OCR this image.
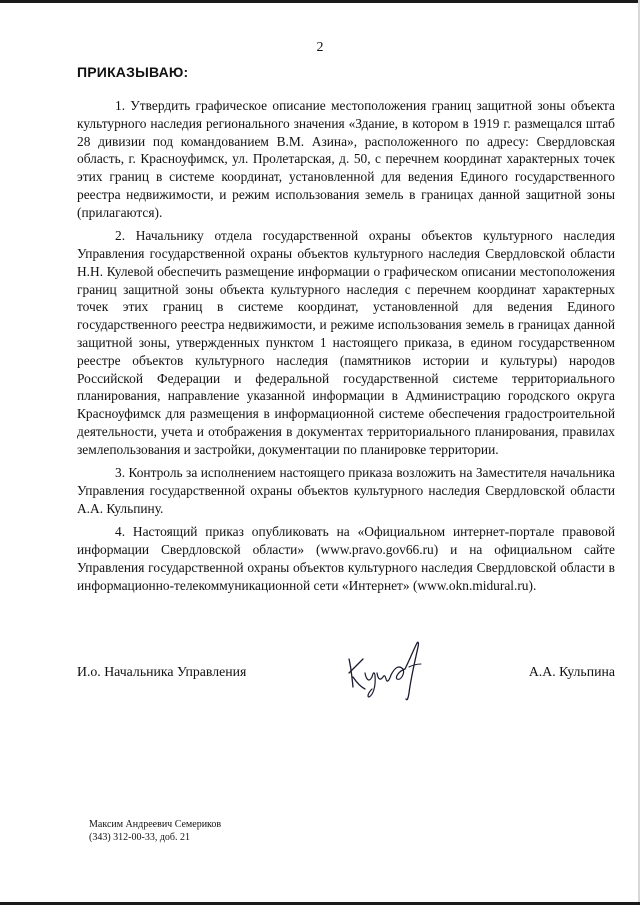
2
ПРИКАЗЫВАЮ:

1. Утвердить графическое описание местоположения границ защитной зоны объекта культурного наследия регионального значения «Здание, в котором в 1919 г. размещался штаб 28 дивизии под командованием В.М. Азина», расположенного по адресу: Свердловская область, г. Красноуфимск, ул. Пролетарская, д. 50, с перечнем координат характерных точек этих границ в системе координат, установленной для ведения Единого государственного реестра недвижимости, и режим использования земель в границах данной защитной зоны (прилагаются).

2. Начальнику отдела государственной охраны объектов культурного наследия Управления государственной охраны объектов культурного наследия Свердловской области Н.Н. Кулевой обеспечить размещение информации о графическом описании местоположения границ защитной зоны объекта культурного наследия с перечнем координат характерных точек этих границ в системе координат, установленной для ведения Единого государственного реестра недвижимости, и режиме использования земель в границах данной защитной зоны, утвержденных пунктом 1 настоящего приказа, в едином государственном реестре объектов культурного наследия (памятников истории и культуры) народов Российской Федерации и федеральной государственной системе территориального планирования, направление указанной информации в Администрацию городского округа Красноуфимск для размещения в информационной системе обеспечения градостроительной деятельности, учета и отображения в документах территориального планирования, правилах землепользования и застройки, документации по планировке территории.

3. Контроль за исполнением настоящего приказа возложить на Заместителя начальника Управления государственной охраны объектов культурного наследия Свердловской области А.А. Кульпину.

4. Настоящий приказ опубликовать на «Официальном интернет-портале правовой информации Свердловской области» (www.pravo.gov66.ru) и на официальном сайте Управления государственной охраны объектов культурного наследия Свердловской области в информационно-телекоммуникационной сети «Интернет» (www.okn.midural.ru).

И.о. Начальника Управления	А.А. Кульпина
Максим Андреевич Семериков
(343) 312-00-33, доб. 21
